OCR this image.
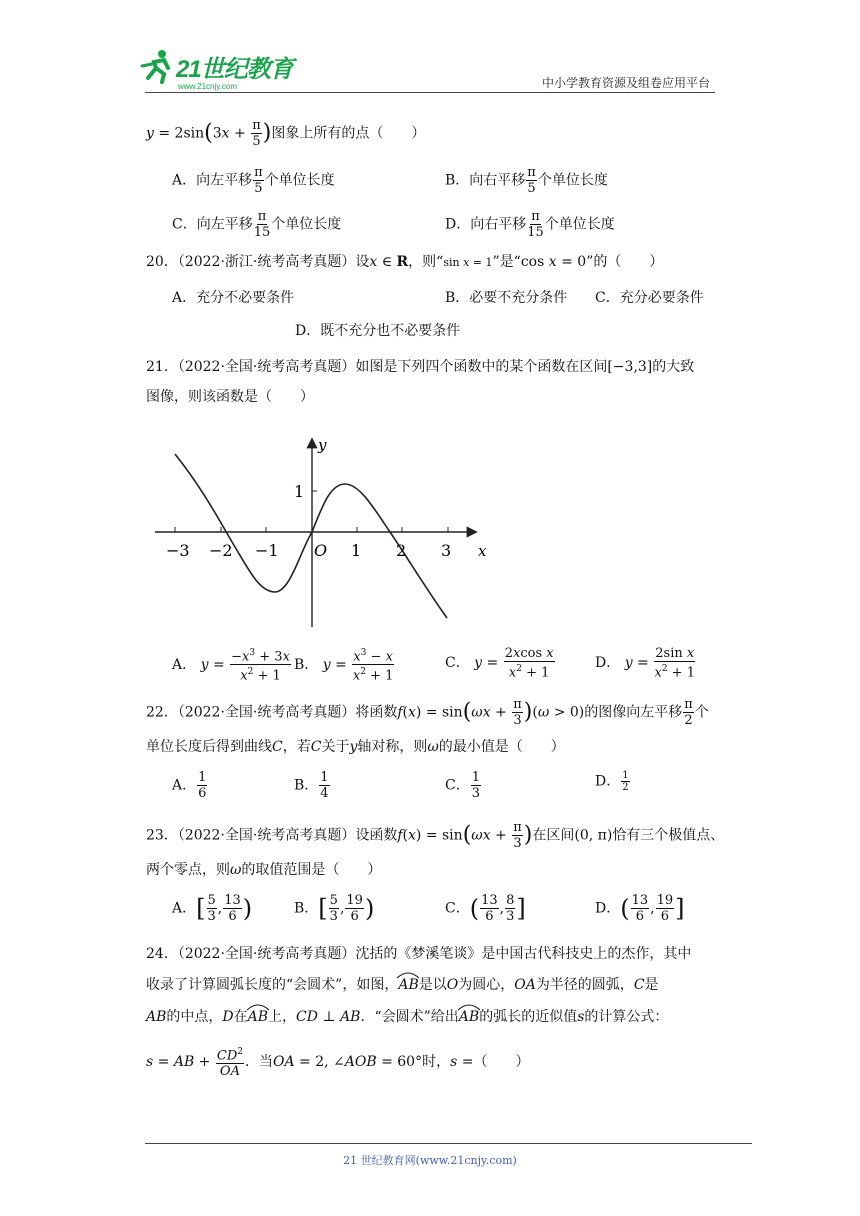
21世纪教育
www.21cnjy.com	中小学教育资源及组卷应用平台
$y = 2\sin(3x + \frac{\pi}{5}$ )图象上所有的点（　　）
A．向左平移 $\frac{\pi}{5}$ 个单位长度	B．向右平移 $\frac{\pi}{5}$ 个单位长度
C．向左平移 $\frac{\pi}{15}$ 个单位长度	D．向右平移 $\frac{\pi}{15}$ 个单位长度
20．（2022·浙江·统考高考真题）设x ∈ R，则“sin x = 1”是“cos x = 0”的（　　）
A．充分不必要条件	B．必要不充分条件 C．充分必要条件
D．既不充分也不必要条件
21．（2022·全国·统考高考真题）如图是下列四个函数中的某个函数在区间[−3,3]的大致
图像，则该函数是（　　）
−3 −2 −1 O 1 2 3
1
x
y
A． $y = \frac{-x^3 + 3x}{x^2 + 1}$ B． $y = \frac{x^3 - x}{x^2 + 1}$	C． $y = \frac{\text{2xcos x}}{x^2 + 1}$	D． $y = \frac{\text{2sin x}}{x^2 + 1}$
22．（2022·全国·统考高考真题）将函数$f(x) = \sin(\omega x + \frac{\pi}{3} )(\omega > 0)$的图像向左平移 $\frac{\pi}{2}$ 个
单位长度后得到曲线C，若C关于y轴对称，则ω的最小值是（　　）
A． $\frac{1}{6}$	B． $\frac{1}{4}$	C． $\frac{1}{3}$	D． $\frac{1}{2}$
23．（2022·全国·统考高考真题）设函数$f(x) = \sin(\omega x + \frac{\pi}{3}$ )在区间(0, π)恰有三个极值点、
两个零点，则ω的取值范围是（　　）
A．[ $\frac{5}{3}$ , $\frac{13}{6}$ )	B．[ $\frac{5}{3}$ , $\frac{19}{6}$ )	C．( $\frac{13}{6}$ , $\frac{8}{3}$ ]	D．( $\frac{13}{6}$ , $\frac{19}{6}$ ]
24．（2022·全国·统考高考真题）沈括的《梦溪笔谈》是中国古代科技史上的杰作，其中
收录了计算圆弧长度的“会圆术”，如图，AB
是以O为圆心，OA为半径的圆弧，C是
AB的中点，D在AB
上，CD ⊥ AB．“会圆术”给出AB
的弧长的近似值s的计算公式：
s = AB + $\frac{CD^2}{OA}$ ．当OA = 2, ∠AOB = 60°时，s =（　　）
21 世纪教育网(www.21cnjy.com)
